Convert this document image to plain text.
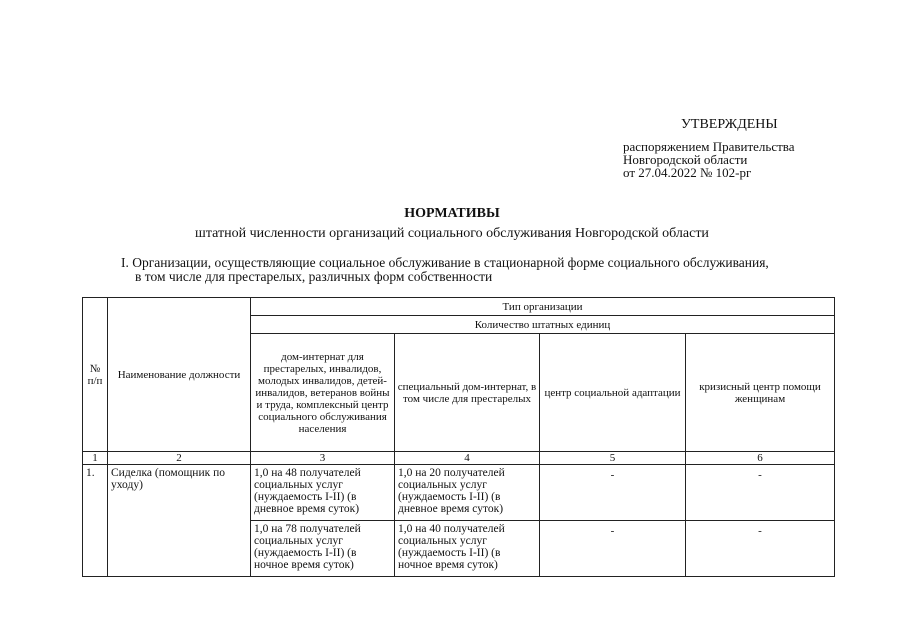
УТВЕРЖДЕНЫ
распоряжением Правительства
Новгородской области
от 27.04.2022 № 102-рг
НОРМАТИВЫ
штатной численности организаций социального обслуживания Новгородской области
I. Организации, осуществляющие социальное обслуживание в стационарной форме социального обслуживания,
в том числе для престарелых, различных форм собственности
№ п/п	Наименование должности	Тип организации			
		Количество штатных единиц			
		дом-интернат для престарелых, инвалидов, молодых инвалидов, детей-инвалидов, ветеранов войны и труда, комплексный центр социального обслуживания населения	специальный дом-интернат, в том числе для престарелых	центр социальной адаптации	кризисный центр помощи женщинам
1	2	3	4	5	6
1.	Сиделка (помощник по уходу)	1,0 на 48 получателей социальных услуг (нуждаемость I-II) (в дневное время суток)	1,0 на 20 получателей социальных услуг (нуждаемость I-II) (в дневное время суток)	-	-
		1,0 на 78 получателей социальных услуг (нуждаемость I-II) (в ночное время суток)	1,0 на 40 получателей социальных услуг (нуждаемость I-II) (в ночное время суток)	-	-
